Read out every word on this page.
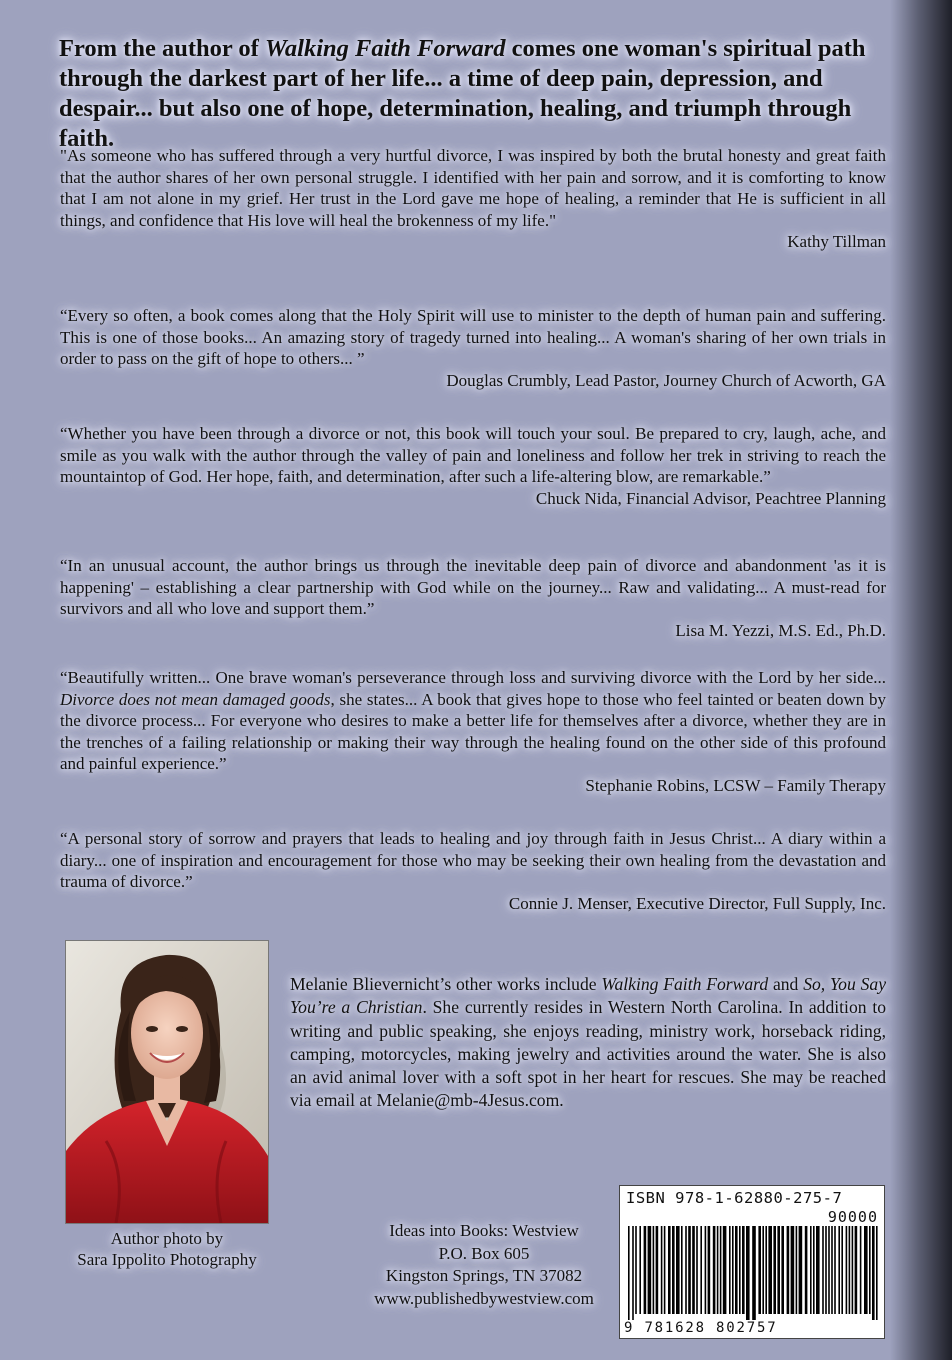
From the author of Walking Faith Forward comes one woman's spiritual path through the darkest part of her life... a time of deep pain, depression, and despair... but also one of hope, determination, healing, and triumph through faith.
"As someone who has suffered through a very hurtful divorce, I was inspired by both the brutal honesty and great faith that the author shares of her own personal struggle. I identified with her pain and sorrow, and it is comforting to know that I am not alone in my grief. Her trust in the Lord gave me hope of healing, a reminder that He is sufficient in all things, and confidence that His love will heal the brokenness of my life."
Kathy Tillman
“Every so often, a book comes along that the Holy Spirit will use to minister to the depth of human pain and suffering. This is one of those books... An amazing story of tragedy turned into healing... A woman's sharing of her own trials in order to pass on the gift of hope to others... ”
Douglas Crumbly, Lead Pastor, Journey Church of Acworth, GA
“Whether you have been through a divorce or not, this book will touch your soul. Be prepared to cry, laugh, ache, and smile as you walk with the author through the valley of pain and loneliness and follow her trek in striving to reach the mountaintop of God. Her hope, faith, and determination, after such a life-altering blow, are remarkable.”
Chuck Nida, Financial Advisor, Peachtree Planning
“In an unusual account, the author brings us through the inevitable deep pain of divorce and abandonment 'as it is happening' – establishing a clear partnership with God while on the journey... Raw and validating... A must-read for survivors and all who love and support them.”
Lisa M. Yezzi, M.S. Ed., Ph.D.
“Beautifully written... One brave woman's perseverance through loss and surviving divorce with the Lord by her side... Divorce does not mean damaged goods, she states... A book that gives hope to those who feel tainted or beaten down by the divorce process... For everyone who desires to make a better life for themselves after a divorce, whether they are in the trenches of a failing relationship or making their way through the healing found on the other side of this profound and painful experience.”
Stephanie Robins, LCSW – Family Therapy
“A personal story of sorrow and prayers that leads to healing and joy through faith in Jesus Christ... A diary within a diary... one of inspiration and encouragement for those who may be seeking their own healing from the devastation and trauma of divorce.”
Connie J. Menser, Executive Director, Full Supply, Inc.
Author photo by
Sara Ippolito Photography
Melanie Blievernicht’s other works include Walking Faith Forward and So, You Say You’re a Christian. She currently resides in Western North Carolina. In addition to writing and public speaking, she enjoys reading, ministry work, horseback riding, camping, motorcycles, making jewelry and activities around the water. She is also an avid animal lover with a soft spot in her heart for rescues. She may be reached via email at Melanie@mb-4Jesus.com.
Ideas into Books: Westview
P.O. Box 605
Kingston Springs, TN 37082
www.publishedbywestview.com
ISBN 978-1-62880-275-7
90000
9 781628 802757
